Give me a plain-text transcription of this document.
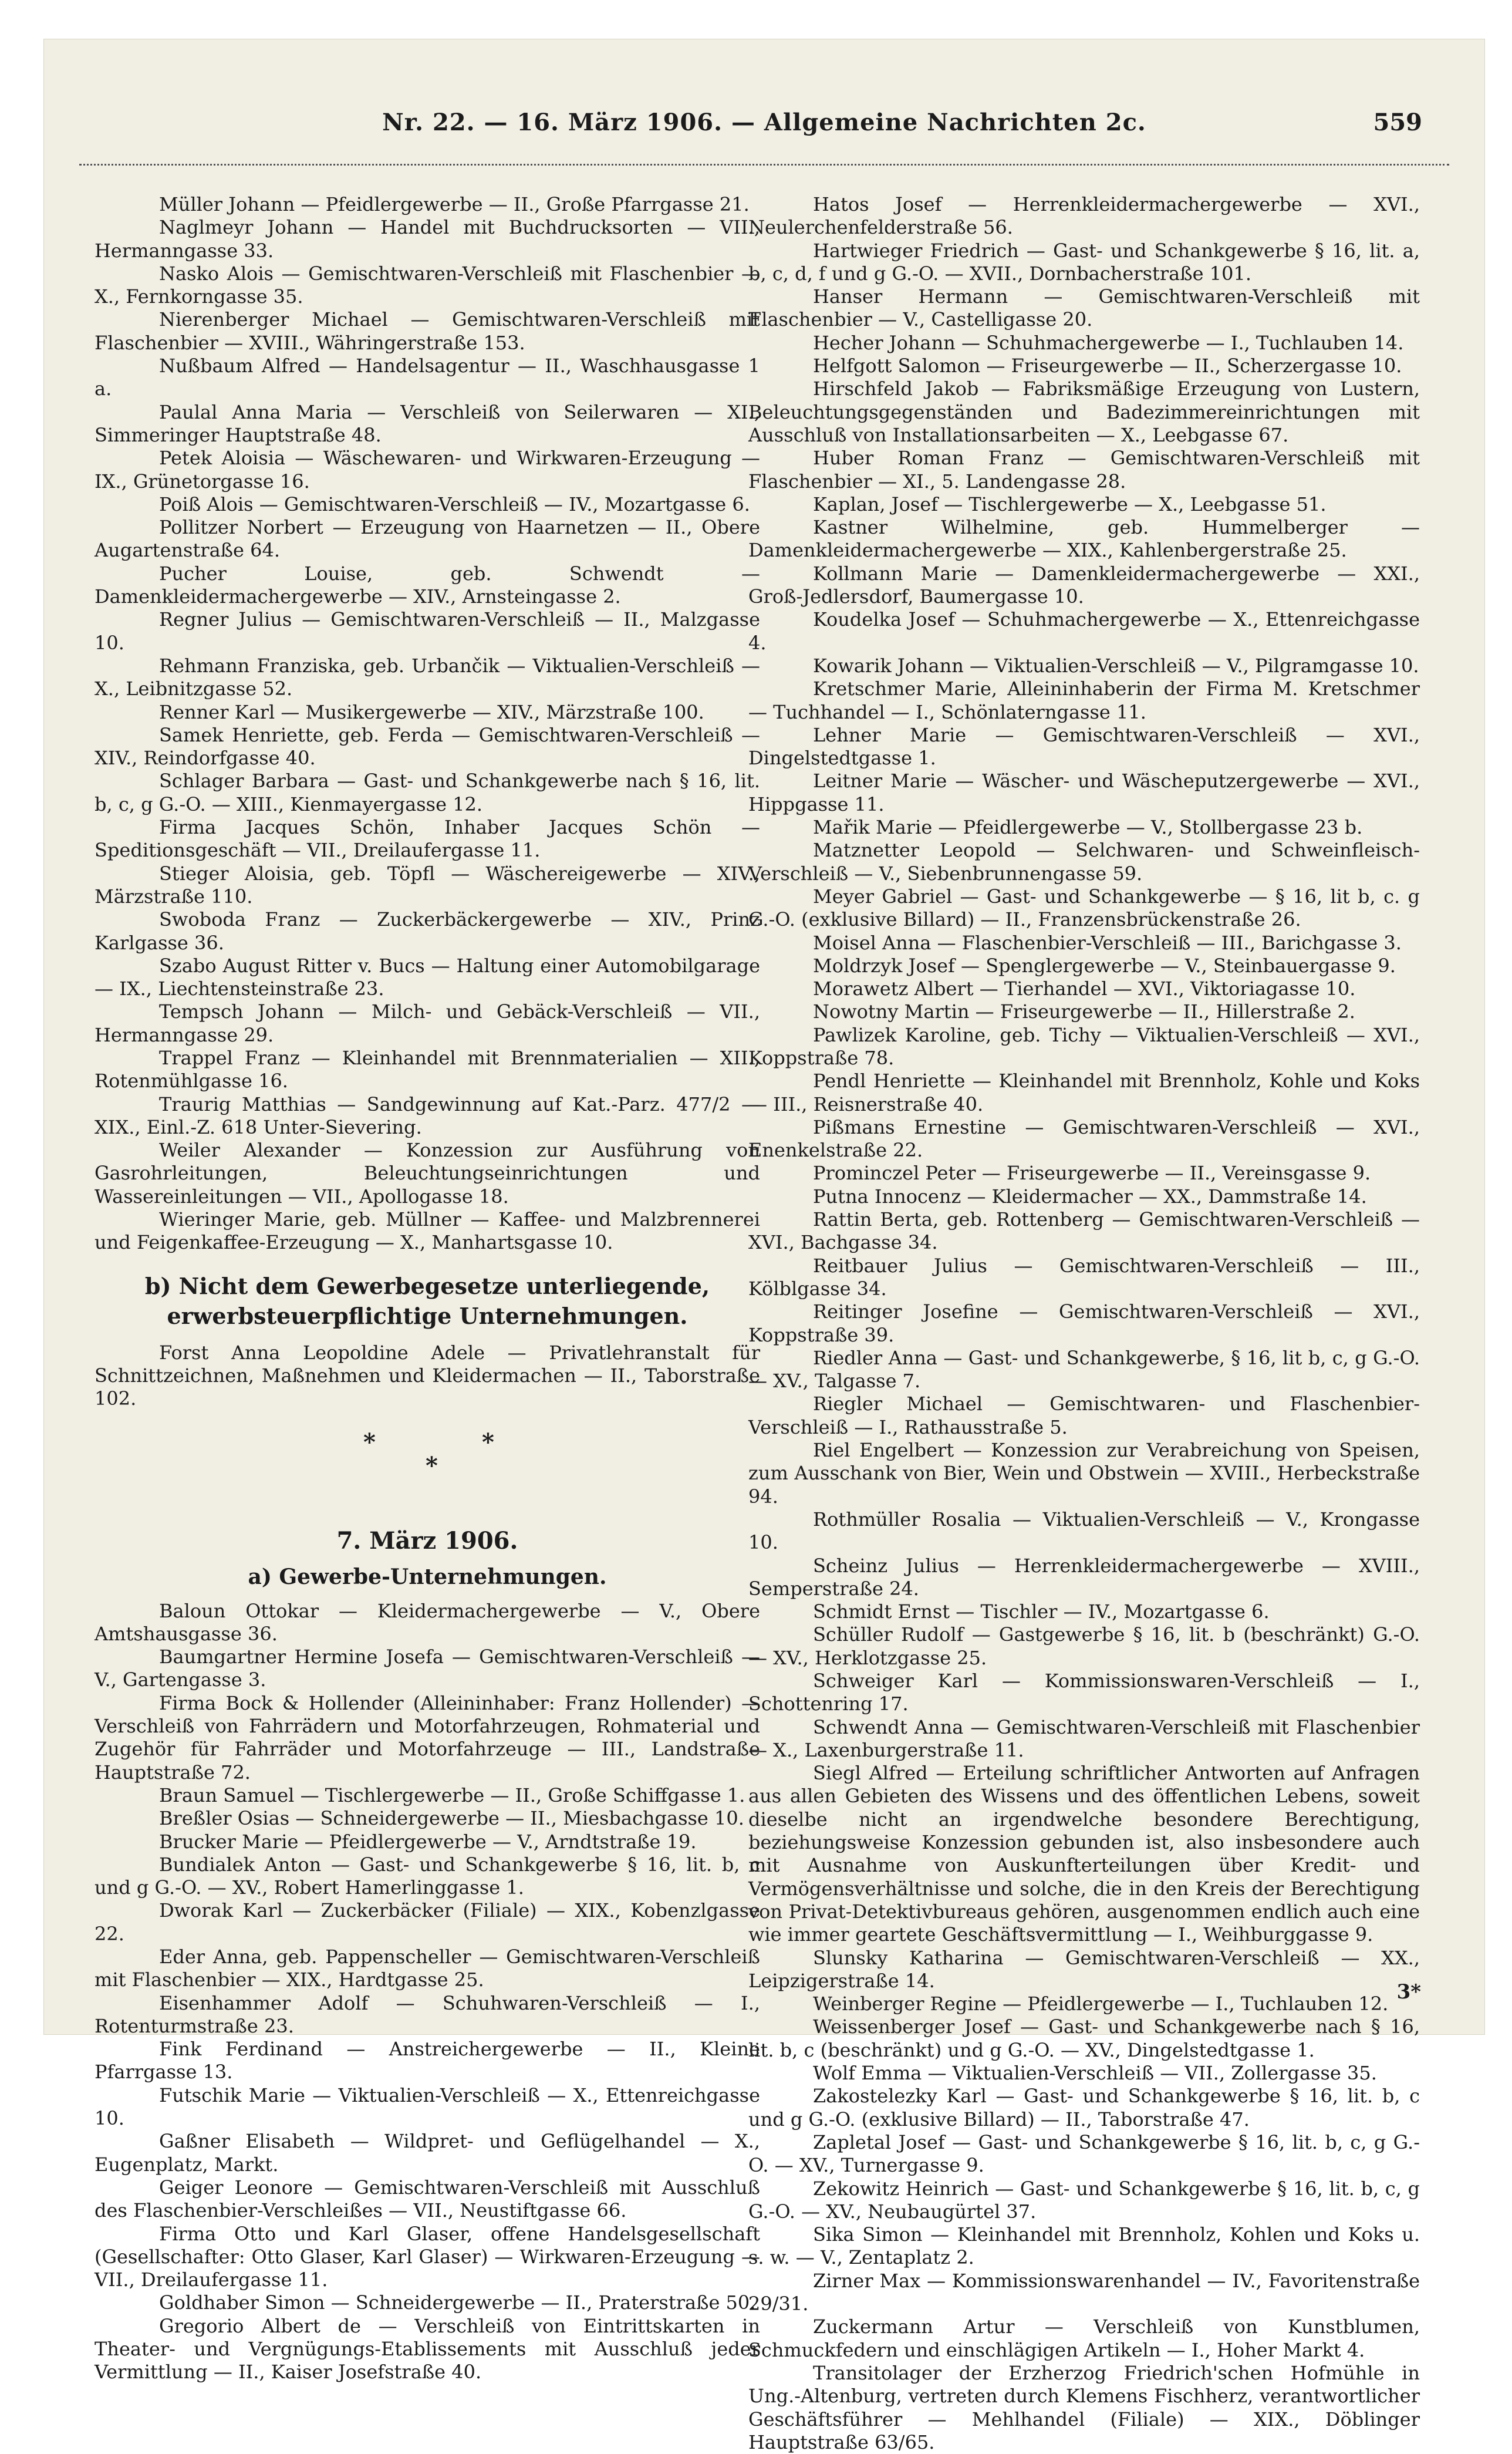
Nr. 22. — 16. März 1906. — Allgemeine Nachrichten 2c.	559

Müller Johann — Pfeidlergewerbe — II., Große Pfarrgasse 21.

Naglmeyr Johann — Handel mit Buchdrucksorten — VII., Hermanngasse 33.

Nasko Alois — Gemischtwaren-Verschleiß mit Flaschenbier — X., Fernkorngasse 35.

Nierenberger Michael — Gemischtwaren-Verschleiß mit Flaschenbier — XVIII., Währingerstraße 153.

Nußbaum Alfred — Handelsagentur — II., Waschhausgasse 1 a.

Paulal Anna Maria — Verschleiß von Seilerwaren — XI., Simmeringer Hauptstraße 48.

Petek Aloisia — Wäschewaren- und Wirkwaren-Erzeugung — IX., Grünetorgasse 16.

Poiß Alois — Gemischtwaren-Verschleiß — IV., Mozartgasse 6.

Pollitzer Norbert — Erzeugung von Haarnetzen — II., Obere Augartenstraße 64.

Pucher Louise, geb. Schwendt — Damenkleidermachergewerbe — XIV., Arnsteingasse 2.

Regner Julius — Gemischtwaren-Verschleiß — II., Malzgasse 10.

Rehmann Franziska, geb. Urbančik — Viktualien-Verschleiß — X., Leibnitzgasse 52.

Renner Karl — Musikergewerbe — XIV., Märzstraße 100.

Samek Henriette, geb. Ferda — Gemischtwaren-Verschleiß — XIV., Reindorfgasse 40.

Schlager Barbara — Gast- und Schankgewerbe nach § 16, lit. b, c, g G.-O. — XIII., Kienmayergasse 12.

Firma Jacques Schön, Inhaber Jacques Schön — Speditionsgeschäft — VII., Dreilaufergasse 11.

Stieger Aloisia, geb. Töpfl — Wäschereigewerbe — XIV., Märzstraße 110.

Swoboda Franz — Zuckerbäckergewerbe — XIV., Prinz Karlgasse 36.

Szabo August Ritter v. Bucs — Haltung einer Automobilgarage — IX., Liechtensteinstraße 23.

Tempsch Johann — Milch- und Gebäck-Verschleiß — VII., Hermanngasse 29.

Trappel Franz — Kleinhandel mit Brennmaterialien — XII., Rotenmühlgasse 16.

Traurig Matthias — Sandgewinnung auf Kat.-Parz. 477/2 — XIX., Einl.-Z. 618 Unter-Sievering.

Weiler Alexander — Konzession zur Ausführung von Gasrohrleitungen, Beleuchtungseinrichtungen und Wassereinleitungen — VII., Apollogasse 18.

Wieringer Marie, geb. Müllner — Kaffee- und Malzbrennerei und Feigenkaffee-Erzeugung — X., Manhartsgasse 10.

b) Nicht dem Gewerbegesetze unterliegende, erwerbsteuerpflichtige Unternehmungen.

Forst Anna Leopoldine Adele — Privatlehranstalt für Schnittzeichnen, Maßnehmen und Kleidermachen — II., Taborstraße 102.

*
*
*
7. März 1906.
a) Gewerbe-Unternehmungen.

Baloun Ottokar — Kleidermachergewerbe — V., Obere Amtshausgasse 36.

Baumgartner Hermine Josefa — Gemischtwaren-Verschleiß — V., Gartengasse 3.

Firma Bock & Hollender (Alleininhaber: Franz Hollender) — Verschleiß von Fahrrädern und Motorfahrzeugen, Rohmaterial und Zugehör für Fahrräder und Motorfahrzeuge — III., Landstraße Hauptstraße 72.

Braun Samuel — Tischlergewerbe — II., Große Schiffgasse 1.

Breßler Osias — Schneidergewerbe — II., Miesbachgasse 10.

Brucker Marie — Pfeidlergewerbe — V., Arndtstraße 19.

Bundialek Anton — Gast- und Schankgewerbe § 16, lit. b, c und g G.-O. — XV., Robert Hamerlinggasse 1.

Dworak Karl — Zuckerbäcker (Filiale) — XIX., Kobenzlgasse 22.

Eder Anna, geb. Pappenscheller — Gemischtwaren-Verschleiß mit Flaschenbier — XIX., Hardtgasse 25.

Eisenhammer Adolf — Schuhwaren-Verschleiß — I., Rotenturmstraße 23.

Fink Ferdinand — Anstreichergewerbe — II., Kleine Pfarrgasse 13.

Futschik Marie — Viktualien-Verschleiß — X., Ettenreichgasse 10.

Gaßner Elisabeth — Wildpret- und Geflügelhandel — X., Eugenplatz, Markt.

Geiger Leonore — Gemischtwaren-Verschleiß mit Ausschluß des Flaschenbier-Verschleißes — VII., Neustiftgasse 66.

Firma Otto und Karl Glaser, offene Handelsgesellschaft (Gesellschafter: Otto Glaser, Karl Glaser) — Wirkwaren-Erzeugung — VII., Dreilaufergasse 11.

Goldhaber Simon — Schneidergewerbe — II., Praterstraße 50.

Gregorio Albert de — Verschleiß von Eintrittskarten in Theater- und Vergnügungs-Etablissements mit Ausschluß jeder Vermittlung — II., Kaiser Josefstraße 40.

Hatos Josef — Herrenkleidermachergewerbe — XVI., Neulerchenfelderstraße 56.

Hartwieger Friedrich — Gast- und Schankgewerbe § 16, lit. a, b, c, d, f und g G.-O. — XVII., Dornbacherstraße 101.

Hanser Hermann — Gemischtwaren-Verschleiß mit Flaschenbier — V., Castelligasse 20.

Hecher Johann — Schuhmachergewerbe — I., Tuchlauben 14.

Helfgott Salomon — Friseurgewerbe — II., Scherzergasse 10.

Hirschfeld Jakob — Fabriksmäßige Erzeugung von Lustern, Beleuchtungsgegenständen und Badezimmereinrichtungen mit Ausschluß von Installationsarbeiten — X., Leebgasse 67.

Huber Roman Franz — Gemischtwaren-Verschleiß mit Flaschenbier — XI., 5. Landengasse 28.

Kaplan, Josef — Tischlergewerbe — X., Leebgasse 51.

Kastner Wilhelmine, geb. Hummelberger — Damenkleidermachergewerbe — XIX., Kahlenbergerstraße 25.

Kollmann Marie — Damenkleidermachergewerbe — XXI., Groß-Jedlersdorf, Baumergasse 10.

Koudelka Josef — Schuhmachergewerbe — X., Ettenreichgasse 4.

Kowarik Johann — Viktualien-Verschleiß — V., Pilgramgasse 10.

Kretschmer Marie, Alleininhaberin der Firma M. Kretschmer — Tuchhandel — I., Schönlaterngasse 11.

Lehner Marie — Gemischtwaren-Verschleiß — XVI., Dingelstedtgasse 1.

Leitner Marie — Wäscher- und Wäscheputzergewerbe — XVI., Hippgasse 11.

Mařik Marie — Pfeidlergewerbe — V., Stollbergasse 23 b.

Matznetter Leopold — Selchwaren- und Schweinfleisch-Verschleiß — V., Siebenbrunnengasse 59.

Meyer Gabriel — Gast- und Schankgewerbe — § 16, lit b, c. g G.-O. (exklusive Billard) — II., Franzensbrückenstraße 26.

Moisel Anna — Flaschenbier-Verschleiß — III., Barichgasse 3.

Moldrzyk Josef — Spenglergewerbe — V., Steinbauergasse 9.

Morawetz Albert — Tierhandel — XVI., Viktoriagasse 10.

Nowotny Martin — Friseurgewerbe — II., Hillerstraße 2.

Pawlizek Karoline, geb. Tichy — Viktualien-Verschleiß — XVI., Koppstraße 78.

Pendl Henriette — Kleinhandel mit Brennholz, Kohle und Koks — III., Reisnerstraße 40.

Pißmans Ernestine — Gemischtwaren-Verschleiß — XVI., Enenkelstraße 22.

Prominczel Peter — Friseurgewerbe — II., Vereinsgasse 9.

Putna Innocenz — Kleidermacher — XX., Dammstraße 14.

Rattin Berta, geb. Rottenberg — Gemischtwaren-Verschleiß — XVI., Bachgasse 34.

Reitbauer Julius — Gemischtwaren-Verschleiß — III., Kölblgasse 34.

Reitinger Josefine — Gemischtwaren-Verschleiß — XVI., Koppstraße 39.

Riedler Anna — Gast- und Schankgewerbe, § 16, lit b, c, g G.-O. — XV., Talgasse 7.

Riegler Michael — Gemischtwaren- und Flaschenbier-Verschleiß — I., Rathausstraße 5.

Riel Engelbert — Konzession zur Verabreichung von Speisen, zum Ausschank von Bier, Wein und Obstwein — XVIII., Herbeckstraße 94.

Rothmüller Rosalia — Viktualien-Verschleiß — V., Krongasse 10.

Scheinz Julius — Herrenkleidermachergewerbe — XVIII., Semperstraße 24.

Schmidt Ernst — Tischler — IV., Mozartgasse 6.

Schüller Rudolf — Gastgewerbe § 16, lit. b (beschränkt) G.-O. — XV., Herklotzgasse 25.

Schweiger Karl — Kommissionswaren-Verschleiß — I., Schottenring 17.

Schwendt Anna — Gemischtwaren-Verschleiß mit Flaschenbier — X., Laxenburgerstraße 11.

Siegl Alfred — Erteilung schriftlicher Antworten auf Anfragen aus allen Gebieten des Wissens und des öffentlichen Lebens, soweit dieselbe nicht an irgendwelche besondere Berechtigung, beziehungsweise Konzession gebunden ist, also insbesondere auch mit Ausnahme von Auskunfterteilungen über Kredit- und Vermögensverhältnisse und solche, die in den Kreis der Berechtigung von Privat-Detektivbureaus gehören, ausgenommen endlich auch eine wie immer geartete Geschäftsvermittlung — I., Weihburggasse 9.

Slunsky Katharina — Gemischtwaren-Verschleiß — XX., Leipzigerstraße 14.

Weinberger Regine — Pfeidlergewerbe — I., Tuchlauben 12.

Weissenberger Josef — Gast- und Schankgewerbe nach § 16, lit. b, c (beschränkt) und g G.-O. — XV., Dingelstedtgasse 1.

Wolf Emma — Viktualien-Verschleiß — VII., Zollergasse 35.

Zakostelezky Karl — Gast- und Schankgewerbe § 16, lit. b, c und g G.-O. (exklusive Billard) — II., Taborstraße 47.

Zapletal Josef — Gast- und Schankgewerbe § 16, lit. b, c, g G.-O. — XV., Turnergasse 9.

Zekowitz Heinrich — Gast- und Schankgewerbe § 16, lit. b, c, g G.-O. — XV., Neubaugürtel 37.

Sika Simon — Kleinhandel mit Brennholz, Kohlen und Koks u. s. w. — V., Zentaplatz 2.

Zirner Max — Kommissionswarenhandel — IV., Favoritenstraße 29/31.

Zuckermann Artur — Verschleiß von Kunstblumen, Schmuckfedern und einschlägigen Artikeln — I., Hoher Markt 4.

Transitolager der Erzherzog Friedrich'schen Hofmühle in Ung.-Altenburg, vertreten durch Klemens Fischherz, verantwortlicher Geschäftsführer — Mehlhandel (Filiale) — XIX., Döblinger Hauptstraße 63/65.

3*
